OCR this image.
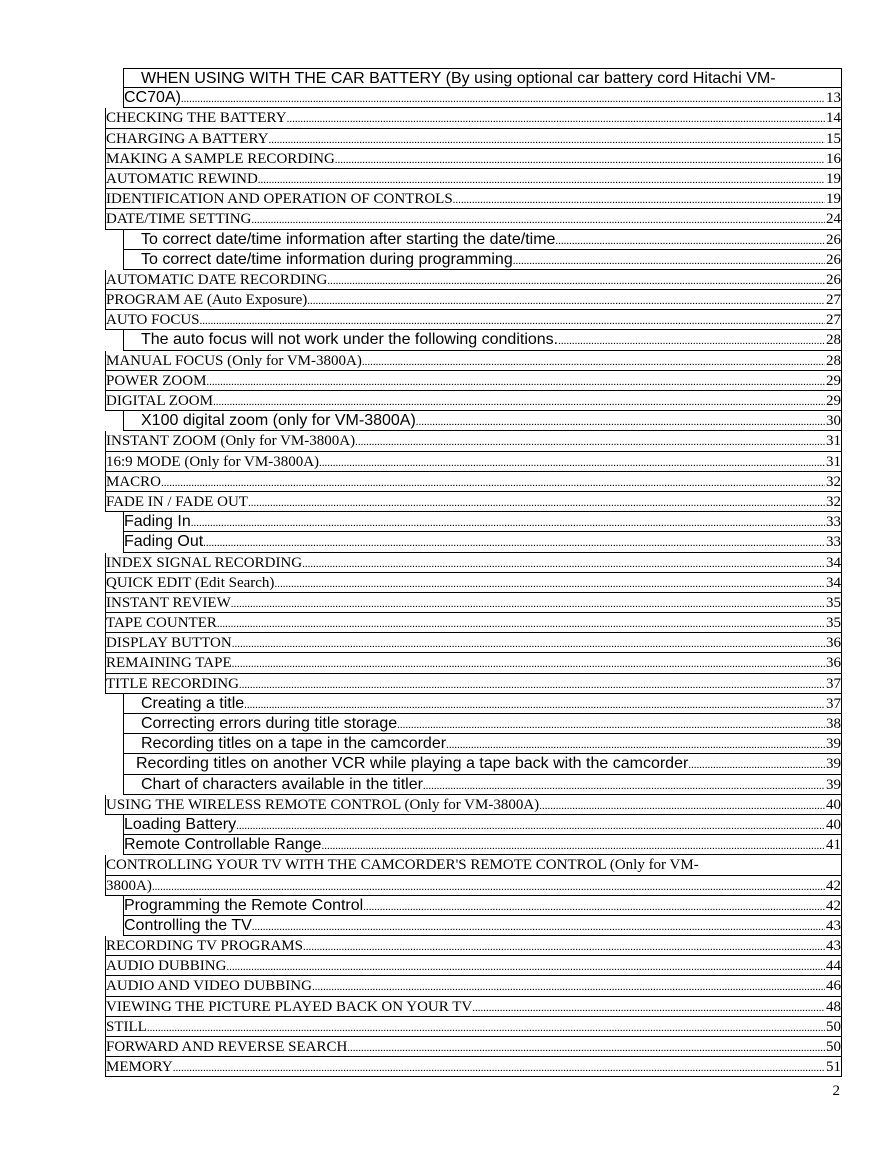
WHEN USING WITH THE CAR BATTERY (By using optional car battery cord Hitachi VM-
CC70A) .....	13
CHECKING THE BATTERY .....	14
CHARGING A BATTERY .....	15
MAKING A SAMPLE RECORDING .....	16
AUTOMATIC REWIND .....	19
IDENTIFICATION AND OPERATION OF CONTROLS .....	19
DATE/TIME SETTING .....	24
To correct date/time information after starting the date/time .....	26
To correct date/time information during programming .....	26
AUTOMATIC DATE RECORDING .....	26
PROGRAM AE (Auto Exposure) .....	27
AUTO FOCUS .....	27
The auto focus will not work under the following conditions. .....	28
MANUAL FOCUS (Only for VM-3800A) .....	28
POWER ZOOM .....	29
DIGITAL ZOOM .....	29
X100 digital zoom (only for VM-3800A) .....	30
INSTANT ZOOM (Only for VM-3800A) .....	31
16:9 MODE (Only for VM-3800A) .....	31
MACRO .....	32
FADE IN / FADE OUT .....	32
Fading In .....	33
Fading Out .....	33
INDEX SIGNAL RECORDING .....	34
QUICK EDIT (Edit Search) .....	34
INSTANT REVIEW .....	35
TAPE COUNTER .....	35
DISPLAY BUTTON .....	36
REMAINING TAPE .....	36
TITLE RECORDING .....	37
Creating a title .....	37
Correcting errors during title storage .....	38
Recording titles on a tape in the camcorder .....	39
Recording titles on another VCR while playing a tape back with the camcorder .....	39
Chart of characters available in the titler .....	39
USING THE WIRELESS REMOTE CONTROL (Only for VM-3800A) .....	40
Loading Battery .....	40
Remote Controllable Range .....	41
CONTROLLING YOUR TV WITH THE CAMCORDER'S REMOTE CONTROL (Only for VM-
3800A) .....	42
Programming the Remote Control .....	42
Controlling the TV .....	43
RECORDING TV PROGRAMS .....	43
AUDIO DUBBING .....	44
AUDIO AND VIDEO DUBBING .....	46
VIEWING THE PICTURE PLAYED BACK ON YOUR TV .....	48
STILL .....	50
FORWARD AND REVERSE SEARCH .....	50
MEMORY .....	51
2
